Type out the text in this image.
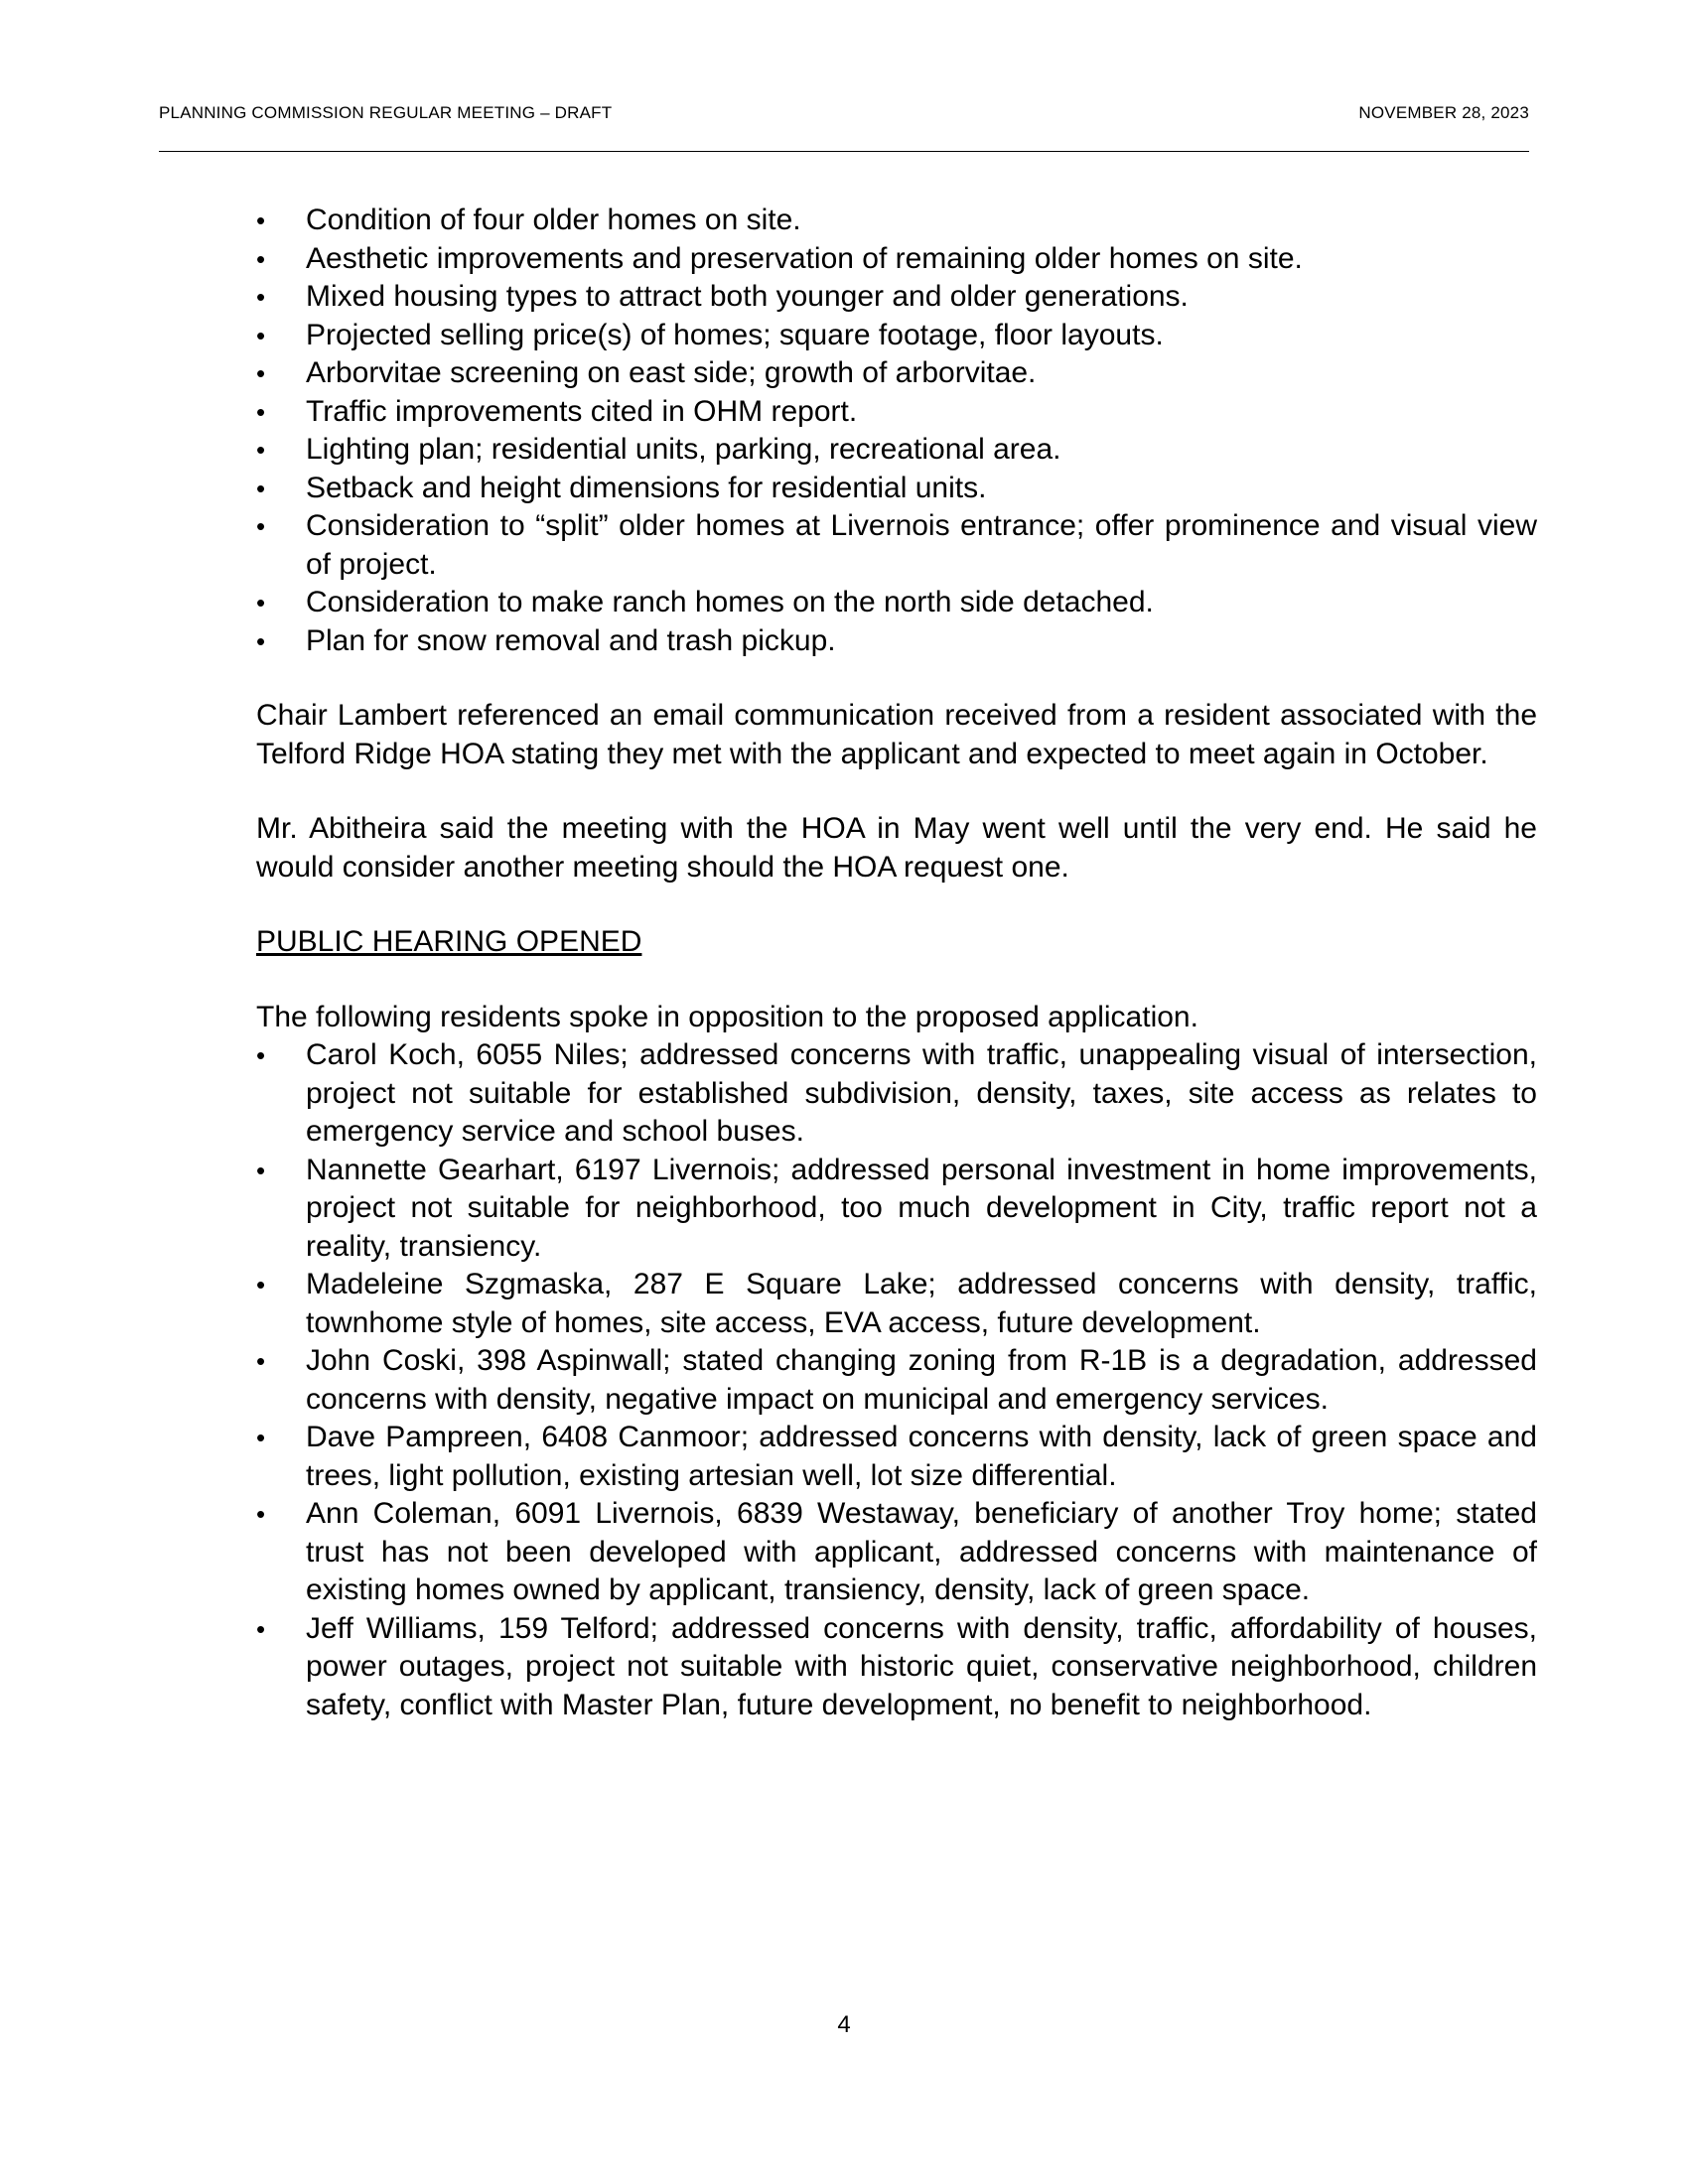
PLANNING COMMISSION REGULAR MEETING – DRAFT	NOVEMBER 28, 2023
• Condition of four older homes on site.
• Aesthetic improvements and preservation of remaining older homes on site.
• Mixed housing types to attract both younger and older generations.
• Projected selling price(s) of homes; square footage, floor layouts.
• Arborvitae screening on east side; growth of arborvitae.
• Traffic improvements cited in OHM report.
• Lighting plan; residential units, parking, recreational area.
• Setback and height dimensions for residential units.
• Consideration to “split” older homes at Livernois entrance; offer prominence and visual view of project.
• Consideration to make ranch homes on the north side detached.
• Plan for snow removal and trash pickup.

Chair Lambert referenced an email communication received from a resident associated with the Telford Ridge HOA stating they met with the applicant and expected to meet again in October.

Mr. Abitheira said the meeting with the HOA in May went well until the very end. He said he would consider another meeting should the HOA request one.

PUBLIC HEARING OPENED

The following residents spoke in opposition to the proposed application.

• Carol Koch, 6055 Niles; addressed concerns with traffic, unappealing visual of intersection, project not suitable for established subdivision, density, taxes, site access as relates to emergency service and school buses.
• Nannette Gearhart, 6197 Livernois; addressed personal investment in home improvements, project not suitable for neighborhood, too much development in City, traffic report not a reality, transiency.
• Madeleine Szgmaska, 287 E Square Lake; addressed concerns with density, traffic, townhome style of homes, site access, EVA access, future development.
• John Coski, 398 Aspinwall; stated changing zoning from R-1B is a degradation, addressed concerns with density, negative impact on municipal and emergency services.
• Dave Pampreen, 6408 Canmoor; addressed concerns with density, lack of green space and trees, light pollution, existing artesian well, lot size differential.
• Ann Coleman, 6091 Livernois, 6839 Westaway, beneficiary of another Troy home; stated trust has not been developed with applicant, addressed concerns with maintenance of existing homes owned by applicant, transiency, density, lack of green space.
• Jeff Williams, 159 Telford; addressed concerns with density, traffic, affordability of houses, power outages, project not suitable with historic quiet, conservative neighborhood, children safety, conflict with Master Plan, future development, no benefit to neighborhood.
4
